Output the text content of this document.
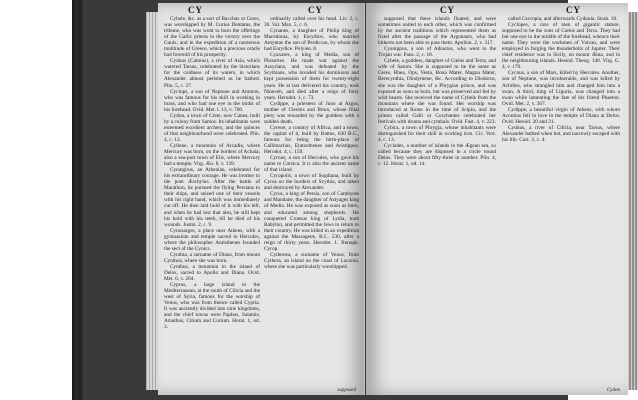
CY	CY

Cybele, &c. as a sort of Bacchus or Ceres, was worshipped by M. Curius Dentatus, the tribune, who was wont to burn the offerings of the Gallic priests in the victory over the Gauls; and in the expedition of a numerous multitude of Greece, which a precious oracle had foretold of his prosperity.

Cydnus (Calmus), a river of Asia, which watered Tarsus, celebrated by the historians for the coldness of its waters, in which Alexander almost perished as he bathed. Plin. 5, c. 27.

Cyclops, a son of Neptune and Ammon, who was famous for his skill in working in brass, and who had one eye in the midst of his forehead. Ovid. Met. l. 13, v. 760.

Cydon, a town of Crete, now Canea, built by a colony from Samos. Its inhabitants were esteemed excellent archers, and the quinces of that neighbourhood were celebrated. Plin. 4, c. 12.

Cyllene, a mountain of Arcadia, where Mercury was born, on the borders of Achaia; also a sea-port town of Elis, where Mercury had a temple. Virg. Æn. 8, v. 139.

Cynægirus, an Athenian, celebrated for his extraordinary courage. He was brother to the poet Æschylus. After the battle of Marathon, he pursued the flying Persians to their ships, and seized one of their vessels with his right hand, which was immediately cut off. He then laid hold of it with his left, and when he had lost that also, he still kept his hold with his teeth, till he died of his wounds. Justin. 2, c. 9.

Cynosarges, a place near Athens, with a gymnasium and temple sacred to Hercules, where the philosopher Antisthenes founded the sect of the Cynics.

Cynthia, a surname of Diana, from mount Cynthus, where she was born.

Cynthus, a mountain in the island of Delos, sacred to Apollo and Diana. Ovid. Met. 6, v. 204.

Cyprus, a large island in the Mediterranean, at the south of Cilicia and the west of Syria, famous for the worship of Venus, who was from thence called Cypria. It was anciently divided into nine kingdoms, and the chief towns were Paphos, Salamis, Amathus, Citium and Curium. Horat. 1, od. 3.

ordinarily called over his head. Liv. 2, c. 36. Val. Max. 5, c. 6.

Cynanes, a daughter of Philip king of Macedonia, by Eurydice, who married Amyntas the son of Perdiccas, by whom she had Eurydice. Polyæn. 8.

Cyaxares, a king of Media, son of Phraortes. He made war against the Assyrians, and was defeated by the Scythians, who invaded his dominions and kept possession of them for twenty-eight years. He at last delivered his country, took Nineveh, and died after a reign of forty years. Herodot. 1, c. 73.

Cydippe, a priestess of Juno at Argos, mother of Cleobis and Biton, whose filial piety was rewarded by the goddess with a sudden death.

Cyrene, a country of Africa, and a town, the capital of it, built by Battus, 630 B.C., famous for being the birth-place of Callimachus, Eratosthenes and Aristippus. Herodot. 4, c. 159.

Cyrnus, a son of Hercules, who gave his name to Corsica. It is also the ancient name of that island.

Cyropolis, a town of Sogdiana, built by Cyrus on the borders of Scythia, and taken and destroyed by Alexander.

Cyrus, a king of Persia, son of Cambyses and Mandane, the daughter of Astyages king of Media. He was exposed as soon as born, and educated among shepherds. He conquered Croesus king of Lydia, took Babylon, and permitted the Jews to return to their country. He was killed in an expedition against the Massagetæ, B.C. 530, after a reign of thirty years. Herodot. 1. Xenoph. Cyrop.

Cytheræa, a surname of Venus, from Cythera, an island on the coast of Laconia, where she was particularly worshipped.

supposed
CY	CY

supposed that these islands floated, and were sometimes united to each other, which was confirmed by the ancient traditions which represented them as fixed after the passage of the Argonauts, who had hitherto not been able to pass them. Apollon. 2, v. 317.

Cyanippus, a son of Adrastus, who went to the Trojan war. Paus. 2, c. 18.

Cybele, a goddess, daughter of Cœlus and Terra, and wife of Saturn. She is supposed to be the same as Ceres, Rhea, Ops, Vesta, Bona Mater, Magna Mater, Berecynthia, Dindymene, &c. According to Diodorus, she was the daughter of a Phrygian prince, and was exposed as soon as born, but was preserved and fed by wild beasts. She received the name of Cybele from the mountain where she was found. Her worship was introduced at Rome in the time of Scipio, and the priests called Galli or Corybantes celebrated her festivals with drums and cymbals. Ovid. Fast. 4, v. 223.

Cybira, a town of Phrygia, whose inhabitants were distinguished for their skill in working iron. Cic. Verr. 4, c. 13.

Cyclades, a number of islands in the Ægean sea, so called because they are disposed in a circle round Delos. They were about fifty-three in number. Plin. 4, c. 12. Horat. 1, od. 14.

called Cecropia, and afterwards Cydonia. Strab. 10.

Cyclopes, a race of men of gigantic stature, supposed to be the sons of Cœlus and Terra. They had but one eye in the middle of the forehead, whence their name. They were the workmen of Vulcan, and were employed in forging the thunderbolts of Jupiter. Their chief residence was in Sicily, on mount Ætna, and in the neighbouring islands. Hesiod. Theog. 140. Virg. G. 4, v. 170.

Cycnus, a son of Mars, killed by Hercules. Another, son of Neptune, was invulnerable, and was killed by Achilles, who strangled him and changed him into a swan. A third, king of Liguria, was changed into a swan while lamenting the fate of his friend Phaeton. Ovid. Met. 2, v. 367.

Cydippe, a beautiful virgin of Athens, with whom Acontius fell in love in the temple of Diana at Delos. Ovid. Heroid. 20 and 21.

Cydnus, a river of Cilicia, near Tarsus, where Alexander bathed when hot, and narrowly escaped with his life. Curt. 3, c. 4.

Cydon
